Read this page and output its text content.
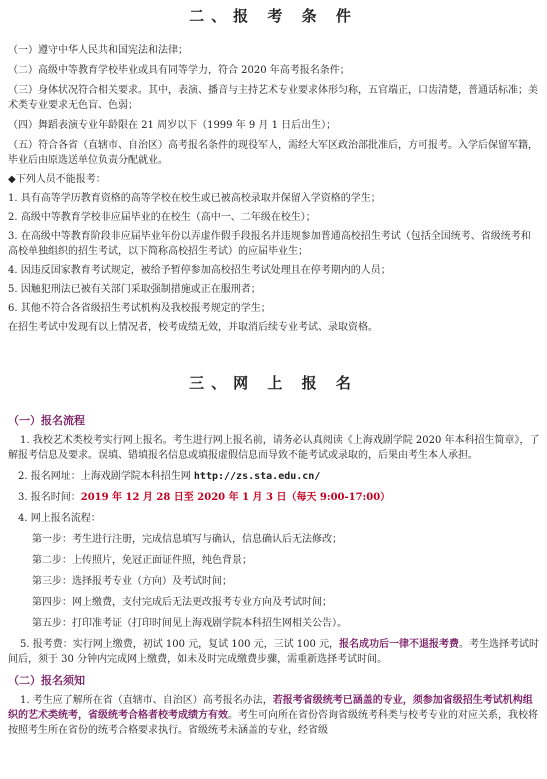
二、报 考 条 件

（一）遵守中华人民共和国宪法和法律；

（二）高级中等教育学校毕业或具有同等学力，符合 2020 年高考报名条件；

（三）身体状况符合相关要求。其中，表演、播音与主持艺术专业要求体形匀称，五官端正，口齿清楚，普通话标准；美术类专业要求无色盲、色弱；

（四）舞蹈表演专业年龄限在 21 周岁以下（1999 年 9 月 1 日后出生）；

（五）符合各省（直辖市、自治区）高考报名条件的现役军人，需经大军区政治部批准后，方可报考。入学后保留军籍，毕业后由原选送单位负责分配就业。

◆下列人员不能报考：

1. 具有高等学历教育资格的高等学校在校生或已被高校录取并保留入学资格的学生；

2. 高级中等教育学校非应届毕业的在校生（高中一、二年级在校生）；

3. 在高级中等教育阶段非应届毕业年份以弄虚作假手段报名并违规参加普通高校招生考试（包括全国统考、省级统考和高校单独组织的招生考试，以下简称高校招生考试）的应届毕业生；

4. 因违反国家教育考试规定，被给予暂停参加高校招生考试处理且在停考期内的人员；

5. 因触犯刑法已被有关部门采取强制措施或正在服刑者；

6. 其他不符合各省级招生考试机构及我校报考规定的学生；

在招生考试中发现有以上情况者，校考成绩无效，并取消后续专业考试、录取资格。

三、网 上 报 名

（一）报名流程

1. 我校艺术类校考实行网上报名。考生进行网上报名前，请务必认真阅读《上海戏剧学院 2020 年本科招生简章》，了解报考信息及要求。误填、错填报名信息或填报虚假信息而导致不能考试或录取的，后果由考生本人承担。

2. 报名网址：上海戏剧学院本科招生网 http://zs.sta.edu.cn/

3. 报名时间：2019 年 12 月 28 日至 2020 年 1 月 3 日（每天 9:00-17:00）

4. 网上报名流程：

第一步：考生进行注册，完成信息填写与确认，信息确认后无法修改；

第二步：上传照片，免冠正面证件照，纯色背景；

第三步：选择报考专业（方向）及考试时间；

第四步：网上缴费，支付完成后无法更改报考专业方向及考试时间；

第五步：打印准考证（打印时间见上海戏剧学院本科招生网相关公告）。

5. 报考费：实行网上缴费，初试 100 元，复试 100 元，三试 100 元，报名成功后一律不退报考费。考生选择考试时间后，须于 30 分钟内完成网上缴费，如未及时完成缴费步骤，需重新选择考试时间。

（二）报名须知

1. 考生应了解所在省（直辖市、自治区）高考报名办法，若报考省级统考已涵盖的专业，须参加省级招生考试机构组织的艺术类统考，省级统考合格者校考成绩方有效。考生可向所在省份咨询省级统考科类与校考专业的对应关系，我校将按照考生所在省份的统考合格要求执行。省级统考未涵盖的专业，经省级
